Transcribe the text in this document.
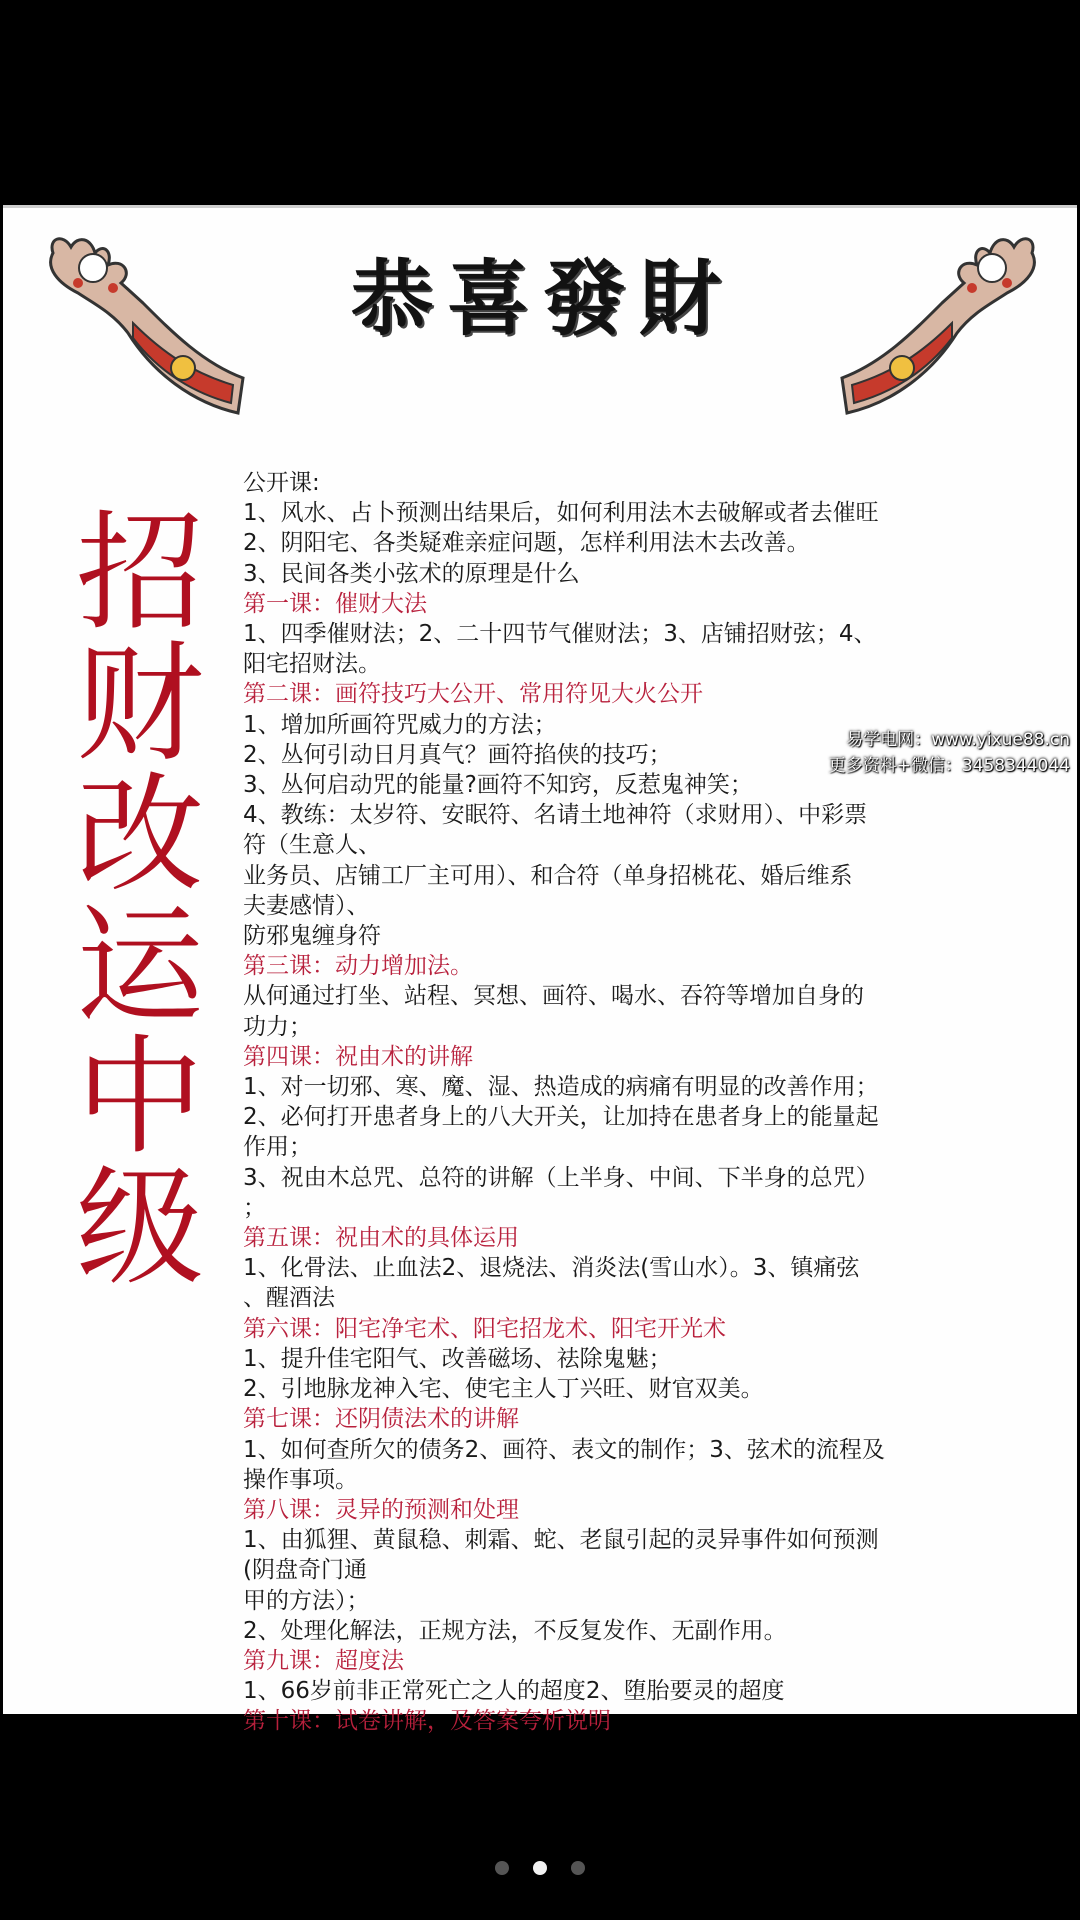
恭喜發財
招
财
改
运
中
级
公开课:
1、风水、占卜预测出结果后，如何利用法木去破解或者去催旺
2、阴阳宅、各类疑难亲症问题，怎样利用法木去改善。
3、民间各类小弦术的原理是什么
第一课：催财大法
1、四季催财法；2、二十四节气催财法；3、店铺招财弦；4、
阳宅招财法。
第二课：画符技巧大公开、常用符见大火公开
1、增加所画符咒威力的方法；
2、丛何引动日月真气？画符掐侠的技巧；
3、丛何启动咒的能量?画符不知窍，反惹鬼神笑；
4、教练：太岁符、安眠符、名请土地神符（求财用）、中彩票
符（生意人、
业务员、店铺工厂主可用）、和合符（单身招桃花、婚后维系
夫妻感情）、
防邪鬼缠身符
第三课：动力增加法。
从何通过打坐、站程、冥想、画符、喝水、吞符等增加自身的
功力；
第四课：祝由术的讲解
1、对一切邪、寒、魔、湿、热造成的病痛有明显的改善作用；
2、必何打开患者身上的八大开关，让加持在患者身上的能量起
作用；
3、祝由木总咒、总符的讲解（上半身、中间、下半身的总咒）
；
第五课：祝由术的具体运用
1、化骨法、止血法2、退烧法、消炎法(雪山水）。3、镇痛弦
、醒酒法
第六课：阳宅净宅术、阳宅招龙术、阳宅开光术
1、提升佳宅阳气、改善磁场、祛除鬼魅；
2、引地脉龙神入宅、使宅主人丁兴旺、财官双美。
第七课：还阴债法术的讲解
1、如何查所欠的债务2、画符、表文的制作；3、弦术的流程及
操作事项。
第八课：灵异的预测和处理
1、由狐狸、黄鼠稳、刺霜、蛇、老鼠引起的灵异事件如何预测
(阴盘奇门通
甲的方法）；
2、处理化解法，正规方法，不反复发作、无副作用。
第九课：超度法
1、66岁前非正常死亡之人的超度2、堕胎要灵的超度
第十课：试卷讲解，及答案夸析说明
易学电网：www.yixue88.cn
更多资料+微信：3458344044
